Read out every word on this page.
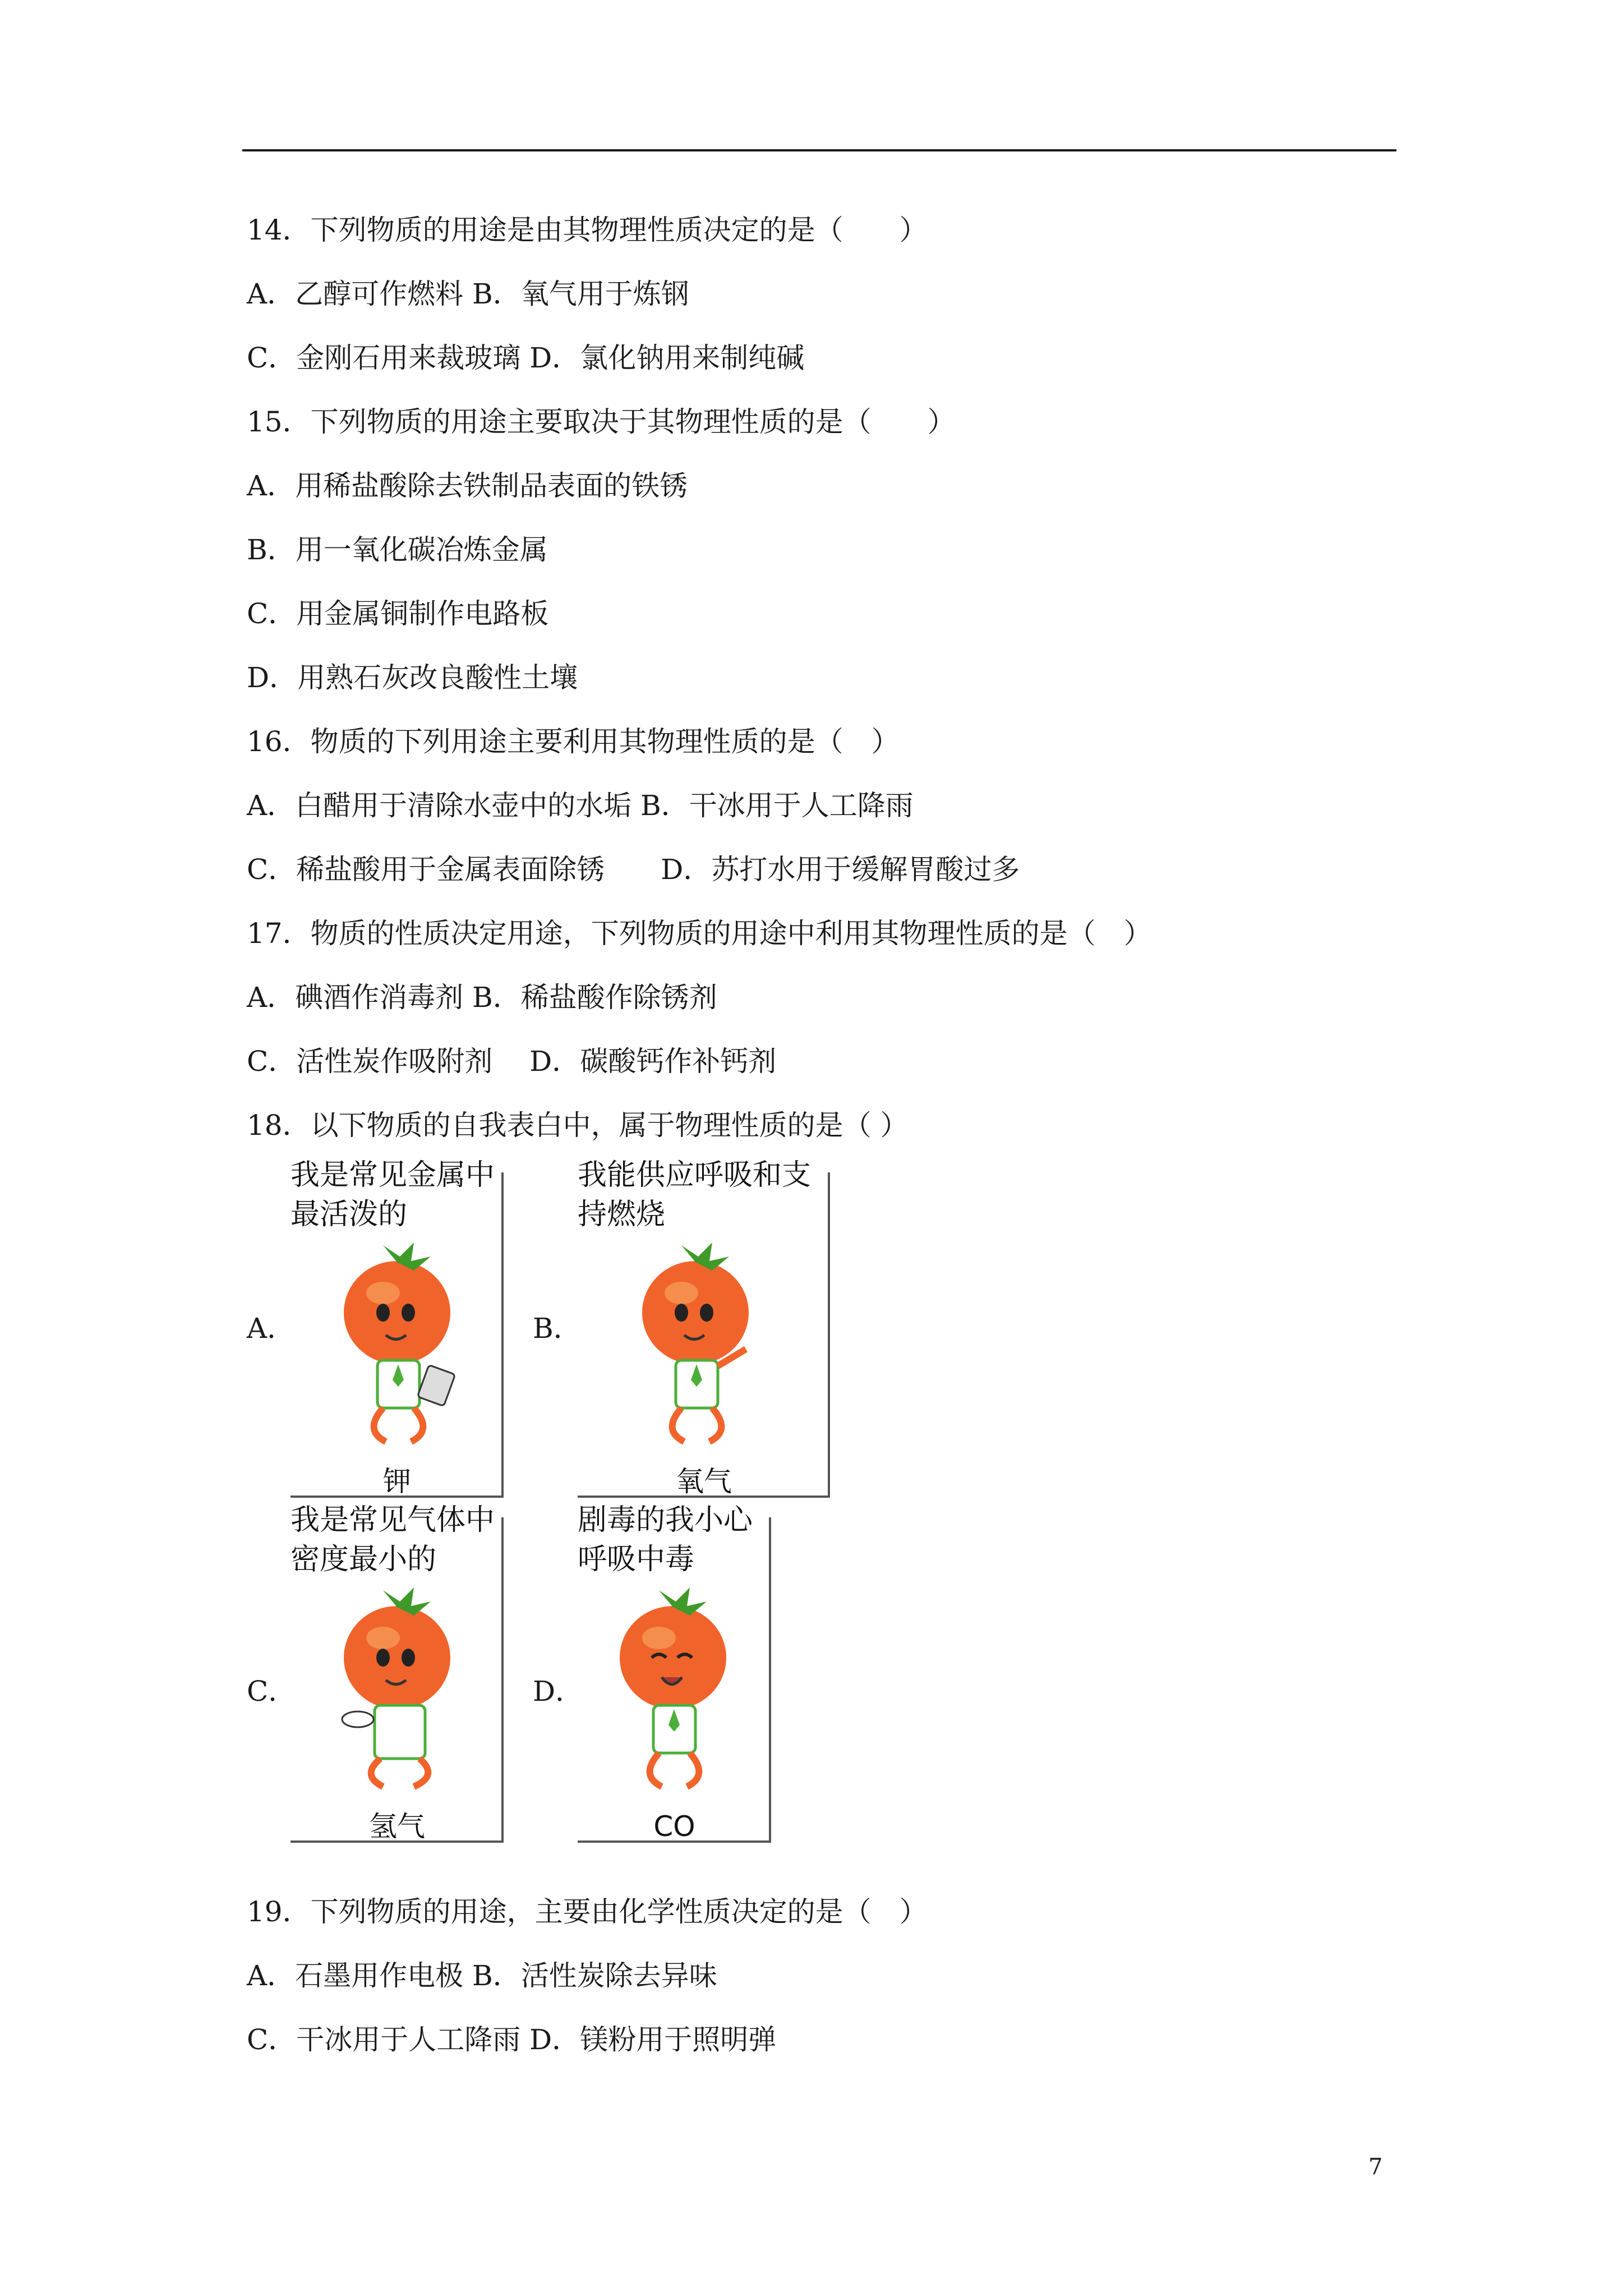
14．下列物质的用途是由其物理性质决定的是（　　）
A．乙醇可作燃料 B．氧气用于炼钢
C．金刚石用来裁玻璃 D．氯化钠用来制纯碱
15．下列物质的用途主要取决于其物理性质的是（　　）
A．用稀盐酸除去铁制品表面的铁锈
B．用一氧化碳冶炼金属
C．用金属铜制作电路板
D．用熟石灰改良酸性土壤
16．物质的下列用途主要利用其物理性质的是（　）
A．白醋用于清除水壶中的水垢 B．干冰用于人工降雨
C．稀盐酸用于金属表面除锈　　D．苏打水用于缓解胃酸过多
17．物质的性质决定用途，下列物质的用途中利用其物理性质的是（　）
A．碘酒作消毒剂 B．稀盐酸作除锈剂
C．活性炭作吸附剂　 D．碳酸钙作补钙剂
18．以下物质的自我表白中，属于物理性质的是（ ）
A．	B．
C．	D．
我是常见金属中最活泼的
钾
我能供应呼吸和支持燃烧
氧气
我是常见气体中密度最小的
氢气
剧毒的我小心呼吸中毒
CO
19．下列物质的用途，主要由化学性质决定的是（　）
A．石墨用作电极 B．活性炭除去异味
C．干冰用于人工降雨 D．镁粉用于照明弹
7
